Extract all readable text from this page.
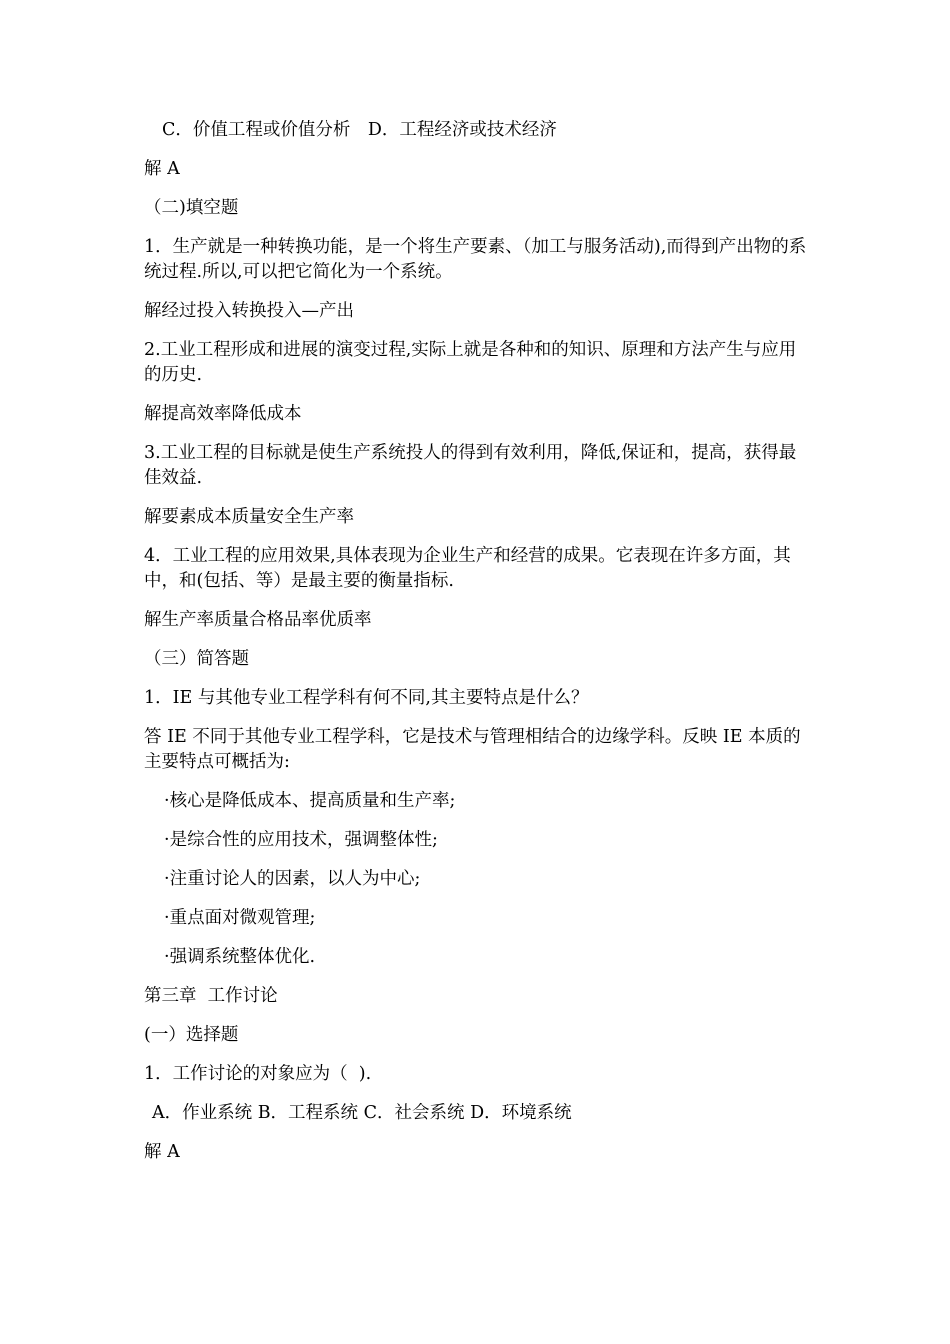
C．价值工程或价值分析　D．工程经济或技术经济

解 A

（二)填空题

1．生产就是一种转换功能，是一个将生产要素、（加工与服务活动),而得到产出物的系统过程.所以,可以把它简化为一个系统。

解经过投入转换投入—产出

2.工业工程形成和进展的演变过程,实际上就是各种和的知识、原理和方法产生与应用的历史.

解提高效率降低成本

3.工业工程的目标就是使生产系统投人的得到有效利用，降低,保证和，提高，获得最佳效益.

解要素成本质量安全生产率

4．工业工程的应用效果,具体表现为企业生产和经营的成果。它表现在许多方面，其中，和(包括、等）是最主要的衡量指标.

解生产率质量合格品率优质率

（三）简答题

1．IE 与其他专业工程学科有何不同,其主要特点是什么？

答 IE 不同于其他专业工程学科，它是技术与管理相结合的边缘学科。反映 IE 本质的主要特点可概括为:

·核心是降低成本、提高质量和生产率;

·是综合性的应用技术，强调整体性;

·注重讨论人的因素，以人为中心;

·重点面对微观管理;

·强调系统整体优化.

第三章  工作讨论

(一）选择题

1．工作讨论的对象应为（  ).

A．作业系统 B．工程系统 C．社会系统 D．环境系统

解 A
